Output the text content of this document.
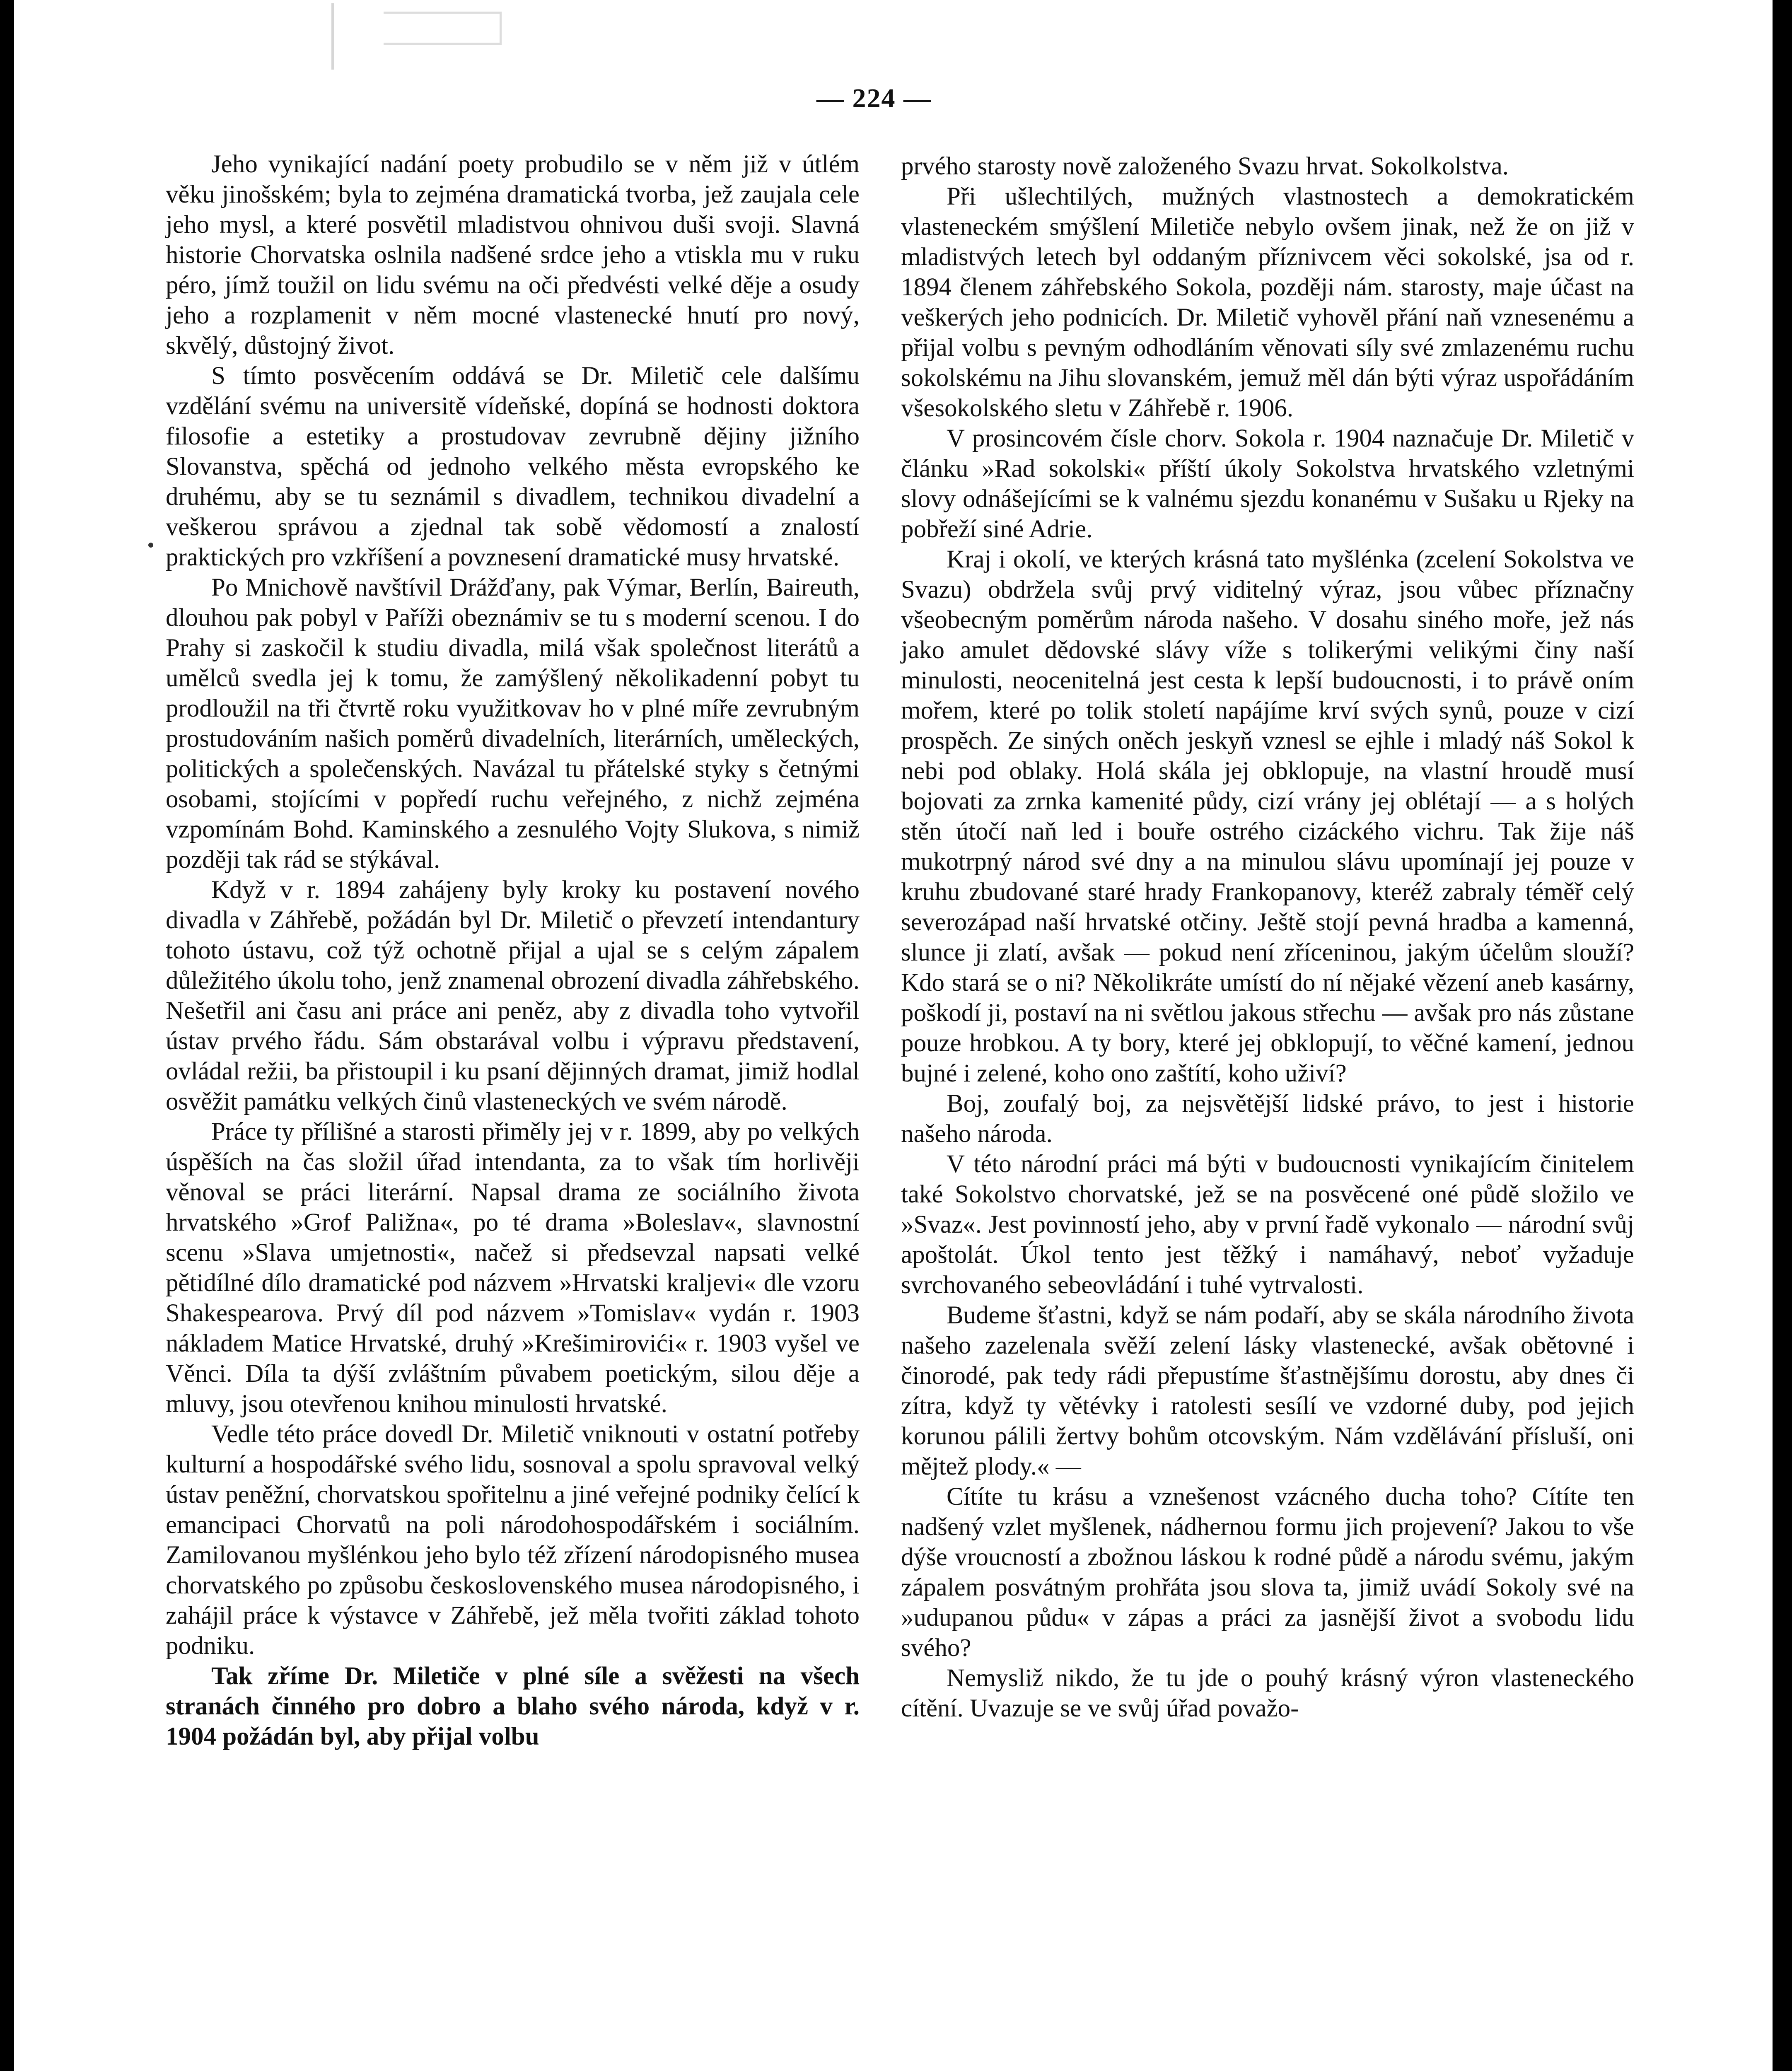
— 224 —

Jeho vynikající nadání poety probudilo se v něm již v útlém věku jinošském; byla to zejména dramatická tvorba, jež zaujala cele jeho mysl, a které posvětil mladistvou ohnivou duši svoji. Slavná historie Chorvatska oslnila nadšené srdce jeho a vtiskla mu v ruku péro, jímž toužil on lidu svému na oči předvésti velké děje a osudy jeho a rozplamenit v něm mocné vlastenecké hnutí pro nový, skvělý, důstojný život.

S tímto posvěcením oddává se Dr. Miletič cele dalšímu vzdělání svému na universitě vídeňské, dopíná se hodnosti doktora filosofie a estetiky a prostudovav zevrubně dějiny jižního Slovanstva, spěchá od jednoho velkého města evropského ke druhému, aby se tu seznámil s divadlem, technikou divadelní a veškerou správou a zjednal tak sobě vědomostí a znalostí praktických pro vzkříšení a povznesení dramatické musy hrvatské.

Po Mnichově navštívil Drážďany, pak Výmar, Berlín, Baireuth, dlouhou pak pobyl v Paříži obeznámiv se tu s moderní scenou. I do Prahy si zaskočil k studiu divadla, milá však společnost literátů a umělců svedla jej k tomu, že zamýšlený několikadenní pobyt tu prodloužil na tři čtvrtě roku využitkovav ho v plné míře zevrubným prostudováním našich poměrů divadelních, literárních, uměleckých, politických a společenských. Navázal tu přátelské styky s četnými osobami, stojícími v popředí ruchu veřejného, z nichž zejména vzpomínám Bohd. Kaminského a zesnulého Vojty Slukova, s nimiž později tak rád se stýkával.

Když v r. 1894 zahájeny byly kroky ku postavení nového divadla v Záhřebě, požádán byl Dr. Miletič o převzetí intendantury tohoto ústavu, což týž ochotně přijal a ujal se s celým zápalem důležitého úkolu toho, jenž znamenal obrození divadla záhřebského. Nešetřil ani času ani práce ani peněz, aby z divadla toho vytvořil ústav prvého řádu. Sám obstarával volbu i výpravu představení, ovládal režii, ba přistoupil i ku psaní dějinných dramat, jimiž hodlal osvěžit památku velkých činů vlasteneckých ve svém národě.

Práce ty přílišné a starosti přiměly jej v r. 1899, aby po velkých úspěších na čas složil úřad intendanta, za to však tím horlivěji věnoval se práci literární. Napsal drama ze sociálního života hrvatského »Grof Paližna«, po té drama »Boleslav«, slavnostní scenu »Slava umjetnosti«, načež si předsevzal napsati velké pětidílné dílo dramatické pod názvem »Hrvatski kraljevi« dle vzoru Shakespearova. Prvý díl pod názvem »Tomislav« vydán r. 1903 nákladem Matice Hrvatské, druhý »Krešimirovići« r. 1903 vyšel ve Věnci. Díla ta dýší zvláštním půvabem poetickým, silou děje a mluvy, jsou otevřenou knihou minulosti hrvatské.

Vedle této práce dovedl Dr. Miletič vniknouti v ostatní potřeby kulturní a hospodářské svého lidu, sosnoval a spolu spravoval velký ústav peněžní, chorvatskou spořitelnu a jiné veřejné podniky čelící k emancipaci Chorvatů na poli národohospodářském i sociálním. Zamilovanou myšlénkou jeho bylo též zřízení národopisného musea chorvatského po způsobu československého musea národopisného, i zahájil práce k výstavce v Záhřebě, jež měla tvořiti základ tohoto podniku.

Tak zříme Dr. Miletiče v plné síle a svěžesti na všech stranách činného pro dobro a blaho svého národa, když v r. 1904 požádán byl, aby přijal volbu

prvého starosty nově založeného Svazu hrvat. Sokolkolstva.

Při ušlechtilých, mužných vlastnostech a demokratickém vlasteneckém smýšlení Miletiče nebylo ovšem jinak, než že on již v mladistvých letech byl oddaným příznivcem věci sokolské, jsa od r. 1894 členem záhřebského Sokola, později nám. starosty, maje účast na veškerých jeho podnicích. Dr. Miletič vyhověl přání naň vznesenému a přijal volbu s pevným odhodláním věnovati síly své zmlazenému ruchu sokolskému na Jihu slovanském, jemuž měl dán býti výraz uspořádáním všesokolského sletu v Záhřebě r. 1906.

V prosincovém čísle chorv. Sokola r. 1904 naznačuje Dr. Miletič v článku »Rad sokolski« příští úkoly Sokolstva hrvatského vzletnými slovy odnášejícími se k valnému sjezdu konanému v Sušaku u Rjeky na pobřeží siné Adrie.

Kraj i okolí, ve kterých krásná tato myšlénka (zcelení Sokolstva ve Svazu) obdržela svůj prvý viditelný výraz, jsou vůbec příznačny všeobecným poměrům národa našeho. V dosahu siného moře, jež nás jako amulet dědovské slávy víže s tolikerými velikými činy naší minulosti, neocenitelná jest cesta k lepší budoucnosti, i to právě oním mořem, které po tolik století napájíme krví svých synů, pouze v cizí prospěch. Ze siných oněch jeskyň vznesl se ejhle i mladý náš Sokol k nebi pod oblaky. Holá skála jej obklopuje, na vlastní hroudě musí bojovati za zrnka kamenité půdy, cizí vrány jej oblétají — a s holých stěn útočí naň led i bouře ostrého cizáckého vichru. Tak žije náš mukotrpný národ své dny a na minulou slávu upomínají jej pouze v kruhu zbudované staré hrady Frankopanovy, kteréž zabraly téměř celý severozápad naší hrvatské otčiny. Ještě stojí pevná hradba a kamenná, slunce ji zlatí, avšak — pokud není zříceninou, jakým účelům slouží? Kdo stará se o ni? Několikráte umístí do ní nějaké vězení aneb kasárny, poškodí ji, postaví na ni světlou jakous střechu — avšak pro nás zůstane pouze hrobkou. A ty bory, které jej obklopují, to věčné kamení, jednou bujné i zelené, koho ono zaštítí, koho uživí?

Boj, zoufalý boj, za nejsvětější lidské právo, to jest i historie našeho národa.

V této národní práci má býti v budoucnosti vynikajícím činitelem také Sokolstvo chorvatské, jež se na posvěcené oné půdě složilo ve »Svaz«. Jest povinností jeho, aby v první řadě vykonalo — národní svůj apoštolát. Úkol tento jest těžký i namáhavý, neboť vyžaduje svrchovaného sebeovládání i tuhé vytrvalosti.

Budeme šťastni, když se nám podaří, aby se skála národního života našeho zazelenala svěží zelení lásky vlastenecké, avšak obětovné i činorodé, pak tedy rádi přepustíme šťastnějšímu dorostu, aby dnes či zítra, když ty větévky i ratolesti sesílí ve vzdorné duby, pod jejich korunou pálili žertvy bohům otcovským. Nám vzdělávání přísluší, oni mějtež plody.« —

Cítíte tu krásu a vznešenost vzácného ducha toho? Cítíte ten nadšený vzlet myšlenek, nádhernou formu jich projevení? Jakou to vše dýše vroucností a zbožnou láskou k rodné půdě a národu svému, jakým zápalem posvátným prohřáta jsou slova ta, jimiž uvádí Sokoly své na »udupanou půdu« v zápas a práci za jasnější život a svobodu lidu svého?

Nemysliž nikdo, že tu jde o pouhý krásný výron vlasteneckého cítění. Uvazuje se ve svůj úřad považo-
